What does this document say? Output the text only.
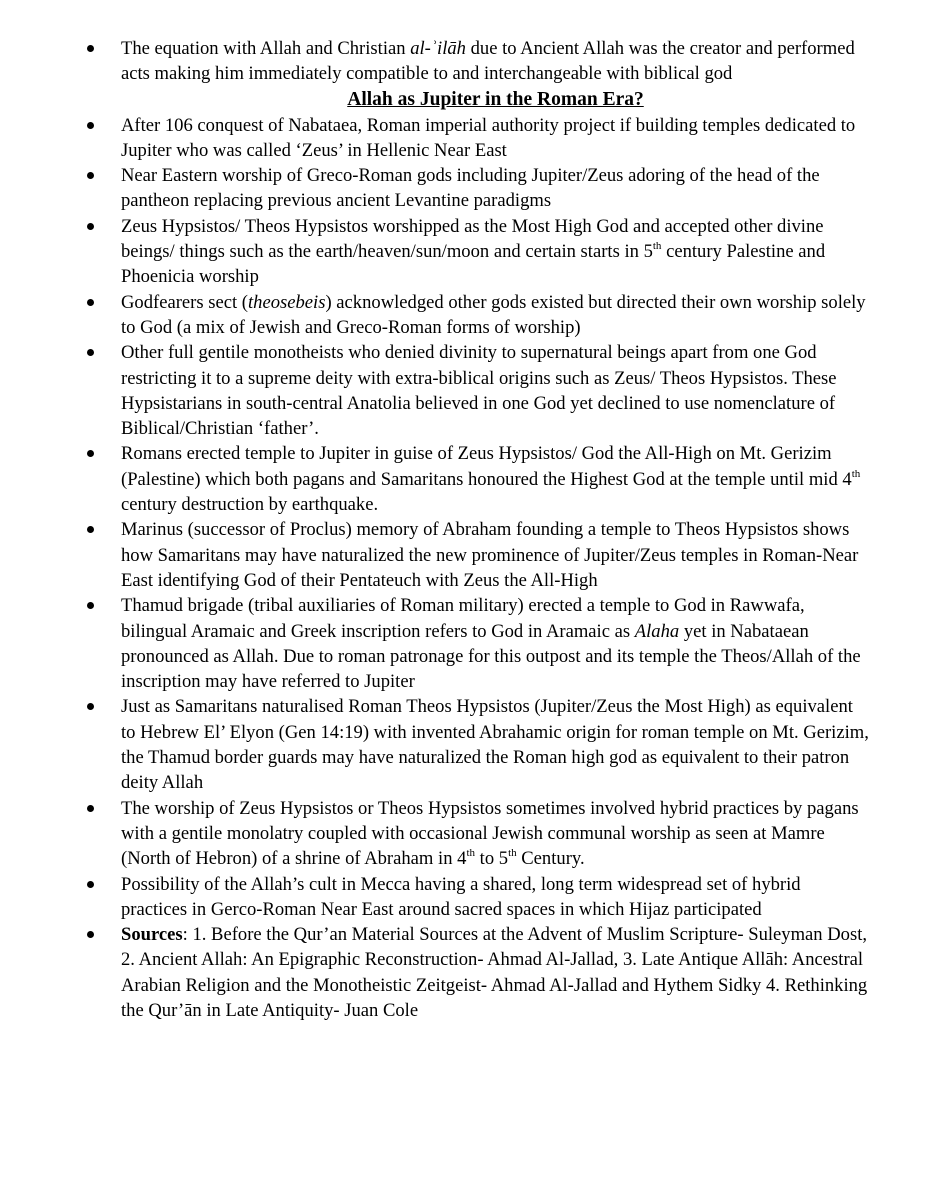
The equation with Allah and Christian al-ʾilāh due to Ancient Allah was the creator and performed acts making him immediately compatible to and interchangeable with biblical god

Allah as Jupiter in the Roman Era?

After 106 conquest of Nabataea, Roman imperial authority project if building temples dedicated to Jupiter who was called ‘Zeus’ in Hellenic Near East
Near Eastern worship of Greco-Roman gods including Jupiter/Zeus adoring of the head of the pantheon replacing previous ancient Levantine paradigms
Zeus Hypsistos/ Theos Hypsistos worshipped as the Most High God and accepted other divine beings/ things such as the earth/heaven/sun/moon and certain starts in 5th century Palestine and Phoenicia worship
Godfearers sect (theosebeis) acknowledged other gods existed but directed their own worship solely to God (a mix of Jewish and Greco-Roman forms of worship)
Other full gentile monotheists who denied divinity to supernatural beings apart from one God restricting it to a supreme deity with extra-biblical origins such as Zeus/ Theos Hypsistos. These Hypsistarians in south-central Anatolia believed in one God yet declined to use nomenclature of Biblical/Christian ‘father’.
Romans erected temple to Jupiter in guise of Zeus Hypsistos/ God the All-High on Mt. Gerizim (Palestine) which both pagans and Samaritans honoured the Highest God at the temple until mid 4th century destruction by earthquake.
Marinus (successor of Proclus) memory of Abraham founding a temple to Theos Hypsistos shows how Samaritans may have naturalized the new prominence of Jupiter/Zeus temples in Roman-Near East identifying God of their Pentateuch with Zeus the All-High
Thamud brigade (tribal auxiliaries of Roman military) erected a temple to God in Rawwafa, bilingual Aramaic and Greek inscription refers to God in Aramaic as Alaha yet in Nabataean pronounced as Allah. Due to roman patronage for this outpost and its temple the Theos/Allah of the inscription may have referred to Jupiter
Just as Samaritans naturalised Roman Theos Hypsistos (Jupiter/Zeus the Most High) as equivalent to Hebrew El’ Elyon (Gen 14:19) with invented Abrahamic origin for roman temple on Mt. Gerizim, the Thamud border guards may have naturalized the Roman high god as equivalent to their patron deity Allah
The worship of Zeus Hypsistos or Theos Hypsistos sometimes involved hybrid practices by pagans with a gentile monolatry coupled with occasional Jewish communal worship as seen at Mamre (North of Hebron) of a shrine of Abraham in 4th to 5th Century.
Possibility of the Allah’s cult in Mecca having a shared, long term widespread set of hybrid practices in Gerco-Roman Near East around sacred spaces in which Hijaz participated
Sources: 1. Before the Qur’an Material Sources at the Advent of Muslim Scripture- Suleyman Dost, 2. Ancient Allah: An Epigraphic Reconstruction- Ahmad Al-Jallad, 3. Late Antique Allāh: Ancestral Arabian Religion and the Monotheistic Zeitgeist- Ahmad Al-Jallad and Hythem Sidky 4. Rethinking the Qur’ān in Late Antiquity- Juan Cole
